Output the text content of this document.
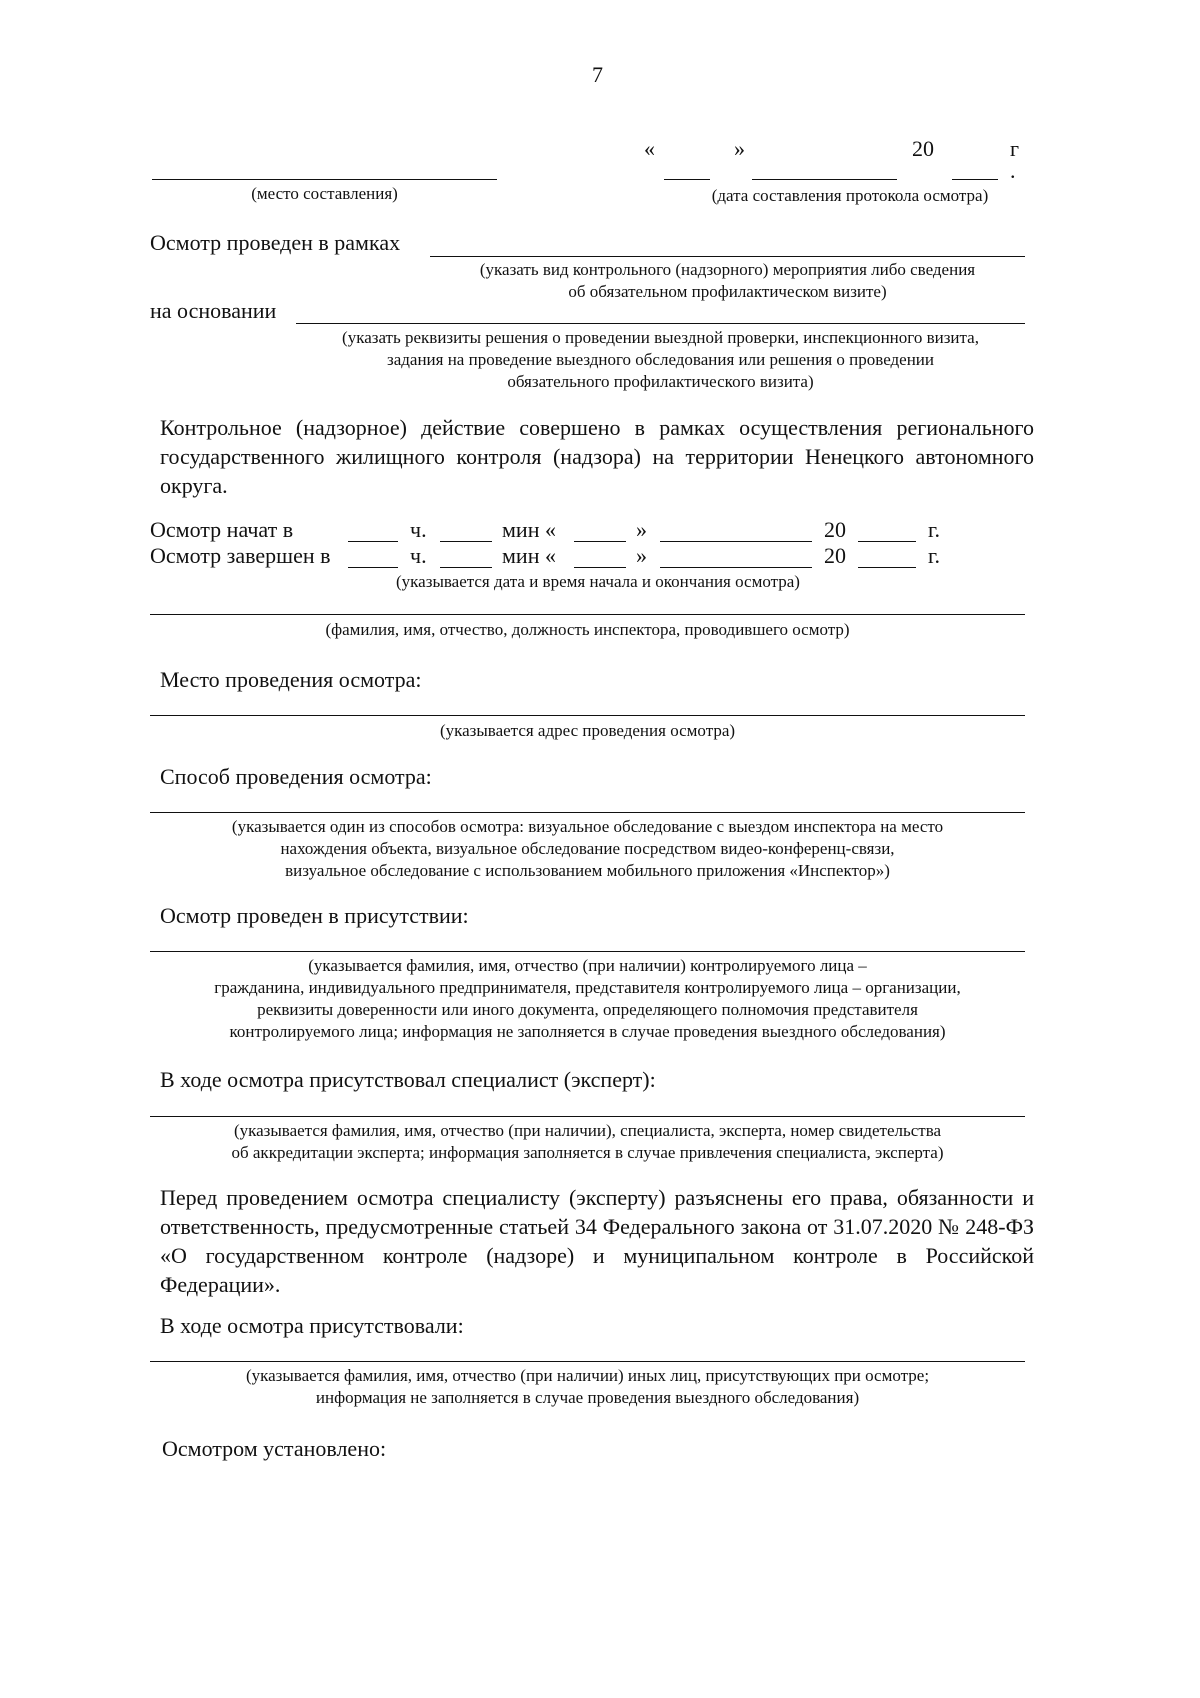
7
«	»	20	г
.
(место составления)	(дата составления протокола осмотра)
Осмотр проведен в рамках
(указать вид контрольного (надзорного) мероприятия либо сведения
об обязательном профилактическом визите)
на основании
(указать реквизиты решения о проведении выездной проверки, инспекционного визита,
задания на проведение выездного обследования или решения о проведении
обязательного профилактического визита)
Контрольное (надзорное) действие совершено в рамках осуществления регионального государственного жилищного контроля (надзора) на территории Ненецкого автономного округа.
Осмотр начат в	ч.	мин «	»	20	г.
Осмотр завершен в	ч.	мин «	»	20	г.
(указывается дата и время начала и окончания осмотра)
(фамилия, имя, отчество, должность инспектора, проводившего осмотр)
Место проведения осмотра:
(указывается адрес проведения осмотра)
Способ проведения осмотра:
(указывается один из способов осмотра: визуальное обследование с выездом инспектора на место
нахождения объекта, визуальное обследование посредством видео-конференц-связи,
визуальное обследование с использованием мобильного приложения «Инспектор»)
Осмотр проведен в присутствии:
(указывается фамилия, имя, отчество (при наличии) контролируемого лица –
гражданина, индивидуального предпринимателя, представителя контролируемого лица – организации,
реквизиты доверенности или иного документа, определяющего полномочия представителя
контролируемого лица; информация не заполняется в случае проведения выездного обследования)
В ходе осмотра присутствовал специалист (эксперт):
(указывается фамилия, имя, отчество (при наличии), специалиста, эксперта, номер свидетельства
об аккредитации эксперта; информация заполняется в случае привлечения специалиста, эксперта)
Перед проведением осмотра специалисту (эксперту) разъяснены его права, обязанности и ответственность, предусмотренные статьей 34 Федерального закона от 31.07.2020 № 248-ФЗ «О государственном контроле (надзоре) и муниципальном контроле в Российской Федерации».
В ходе осмотра присутствовали:
(указывается фамилия, имя, отчество (при наличии) иных лиц, присутствующих при осмотре;
информация не заполняется в случае проведения выездного обследования)
Осмотром установлено:
